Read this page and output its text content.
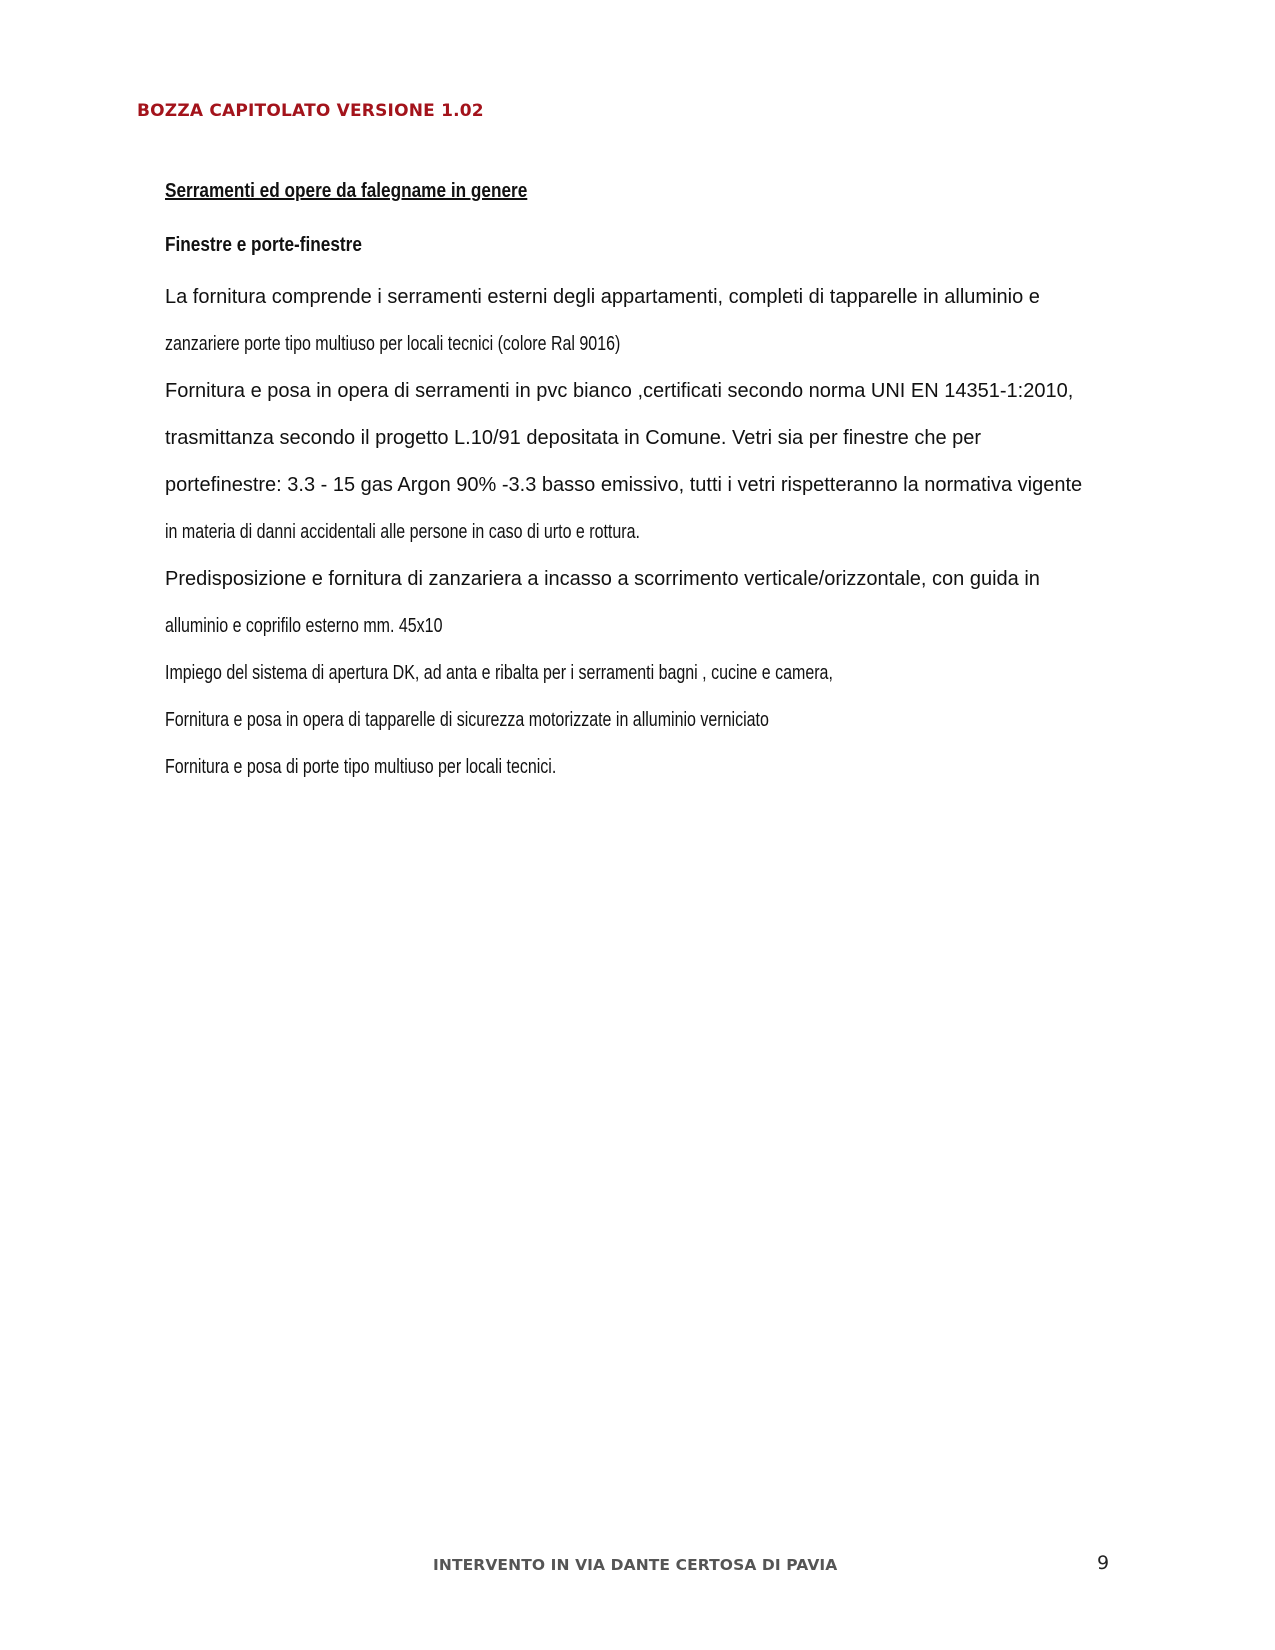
BOZZA CAPITOLATO VERSIONE 1.02
Serramenti ed opere da falegname in genere
Finestre e porte-finestre
La fornitura comprende i serramenti esterni degli appartamenti, completi di tapparelle in alluminio e
zanzariere porte tipo multiuso per locali tecnici (colore Ral 9016)
Fornitura e posa in opera di serramenti in pvc bianco ,certificati secondo norma UNI EN 14351-1:2010,
trasmittanza secondo il progetto L.10/91 depositata in Comune. Vetri sia per finestre che per
portefinestre: 3.3 - 15 gas Argon 90% -3.3 basso emissivo, tutti i vetri rispetteranno la normativa vigente
in materia di danni accidentali alle persone in caso di urto e rottura.
Predisposizione e fornitura di zanzariera a incasso a scorrimento verticale/orizzontale, con guida in
alluminio e coprifilo esterno mm. 45x10
Impiego del sistema di apertura DK, ad anta e ribalta per i serramenti bagni , cucine e camera,
Fornitura e posa in opera di tapparelle di sicurezza motorizzate in alluminio verniciato
Fornitura e posa di porte tipo multiuso per locali tecnici.
INTERVENTO IN VIA DANTE CERTOSA DI PAVIA	9
